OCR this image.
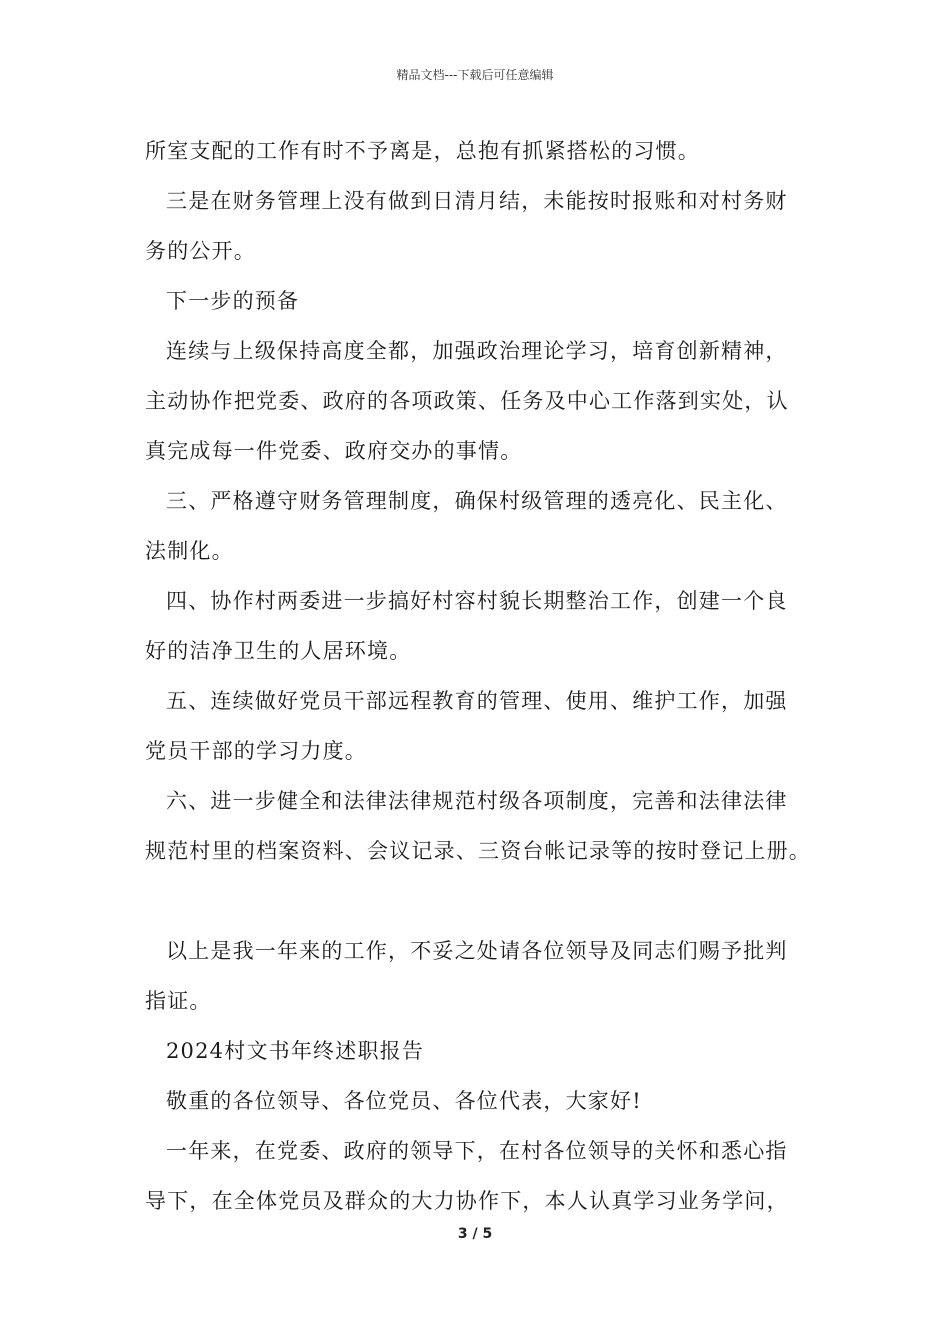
精品文档---下载后可任意编辑
所室支配的工作有时不予离是，总抱有抓紧搭松的习惯。
三是在财务管理上没有做到日清月结，未能按时报账和对村务财
务的公开。
下一步的预备
连续与上级保持高度全都，加强政治理论学习，培育创新精神，
主动协作把党委、政府的各项政策、任务及中心工作落到实处，认
真完成每一件党委、政府交办的事情。
三、严格遵守财务管理制度，确保村级管理的透亮化、民主化、
法制化。
四、协作村两委进一步搞好村容村貌长期整治工作，创建一个良
好的洁净卫生的人居环境。
五、连续做好党员干部远程教育的管理、使用、维护工作，加强
党员干部的学习力度。
六、进一步健全和法律法律规范村级各项制度，完善和法律法律
规范村里的档案资料、会议记录、三资台帐记录等的按时登记上册。
以上是我一年来的工作，不妥之处请各位领导及同志们赐予批判
指证。
2024村文书年终述职报告
敬重的各位领导、各位党员、各位代表，大家好!
一年来，在党委、政府的领导下，在村各位领导的关怀和悉心指
导下，在全体党员及群众的大力协作下，本人认真学习业务学问，
3 / 5
